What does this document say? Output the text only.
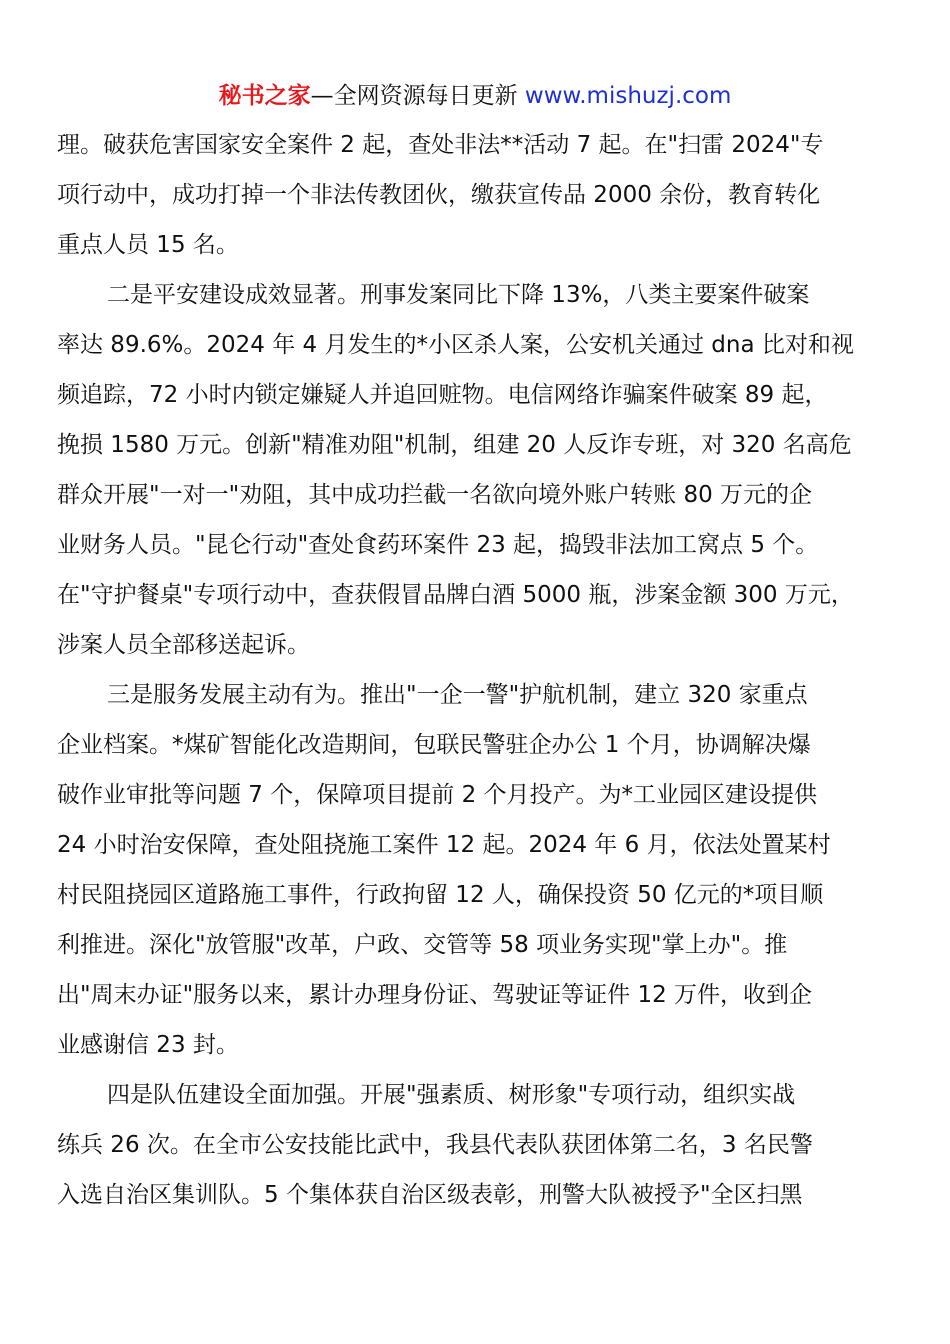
秘书之家—全网资源每日更新 www.mishuzj.com
理。破获危害国家安全案件 2 起，查处非法**活动 7 起。在"扫雷 2024"专
项行动中，成功打掉一个非法传教团伙，缴获宣传品 2000 余份，教育转化
重点人员 15 名。
二是平安建设成效显著。刑事发案同比下降 13%，八类主要案件破案
率达 89.6%。2024 年 4 月发生的*小区杀人案，公安机关通过 dna 比对和视
频追踪，72 小时内锁定嫌疑人并追回赃物。电信网络诈骗案件破案 89 起，
挽损 1580 万元。创新"精准劝阻"机制，组建 20 人反诈专班，对 320 名高危
群众开展"一对一"劝阻，其中成功拦截一名欲向境外账户转账 80 万元的企
业财务人员。"昆仑行动"查处食药环案件 23 起，捣毁非法加工窝点 5 个。
在"守护餐桌"专项行动中，查获假冒品牌白酒 5000 瓶，涉案金额 300 万元，
涉案人员全部移送起诉。
三是服务发展主动有为。推出"一企一警"护航机制，建立 320 家重点
企业档案。*煤矿智能化改造期间，包联民警驻企办公 1 个月，协调解决爆
破作业审批等问题 7 个，保障项目提前 2 个月投产。为*工业园区建设提供
24 小时治安保障，查处阻挠施工案件 12 起。2024 年 6 月，依法处置某村
村民阻挠园区道路施工事件，行政拘留 12 人，确保投资 50 亿元的*项目顺
利推进。深化"放管服"改革，户政、交管等 58 项业务实现"掌上办"。推
出"周末办证"服务以来，累计办理身份证、驾驶证等证件 12 万件，收到企
业感谢信 23 封。
四是队伍建设全面加强。开展"强素质、树形象"专项行动，组织实战
练兵 26 次。在全市公安技能比武中，我县代表队获团体第二名，3 名民警
入选自治区集训队。5 个集体获自治区级表彰，刑警大队被授予"全区扫黑
